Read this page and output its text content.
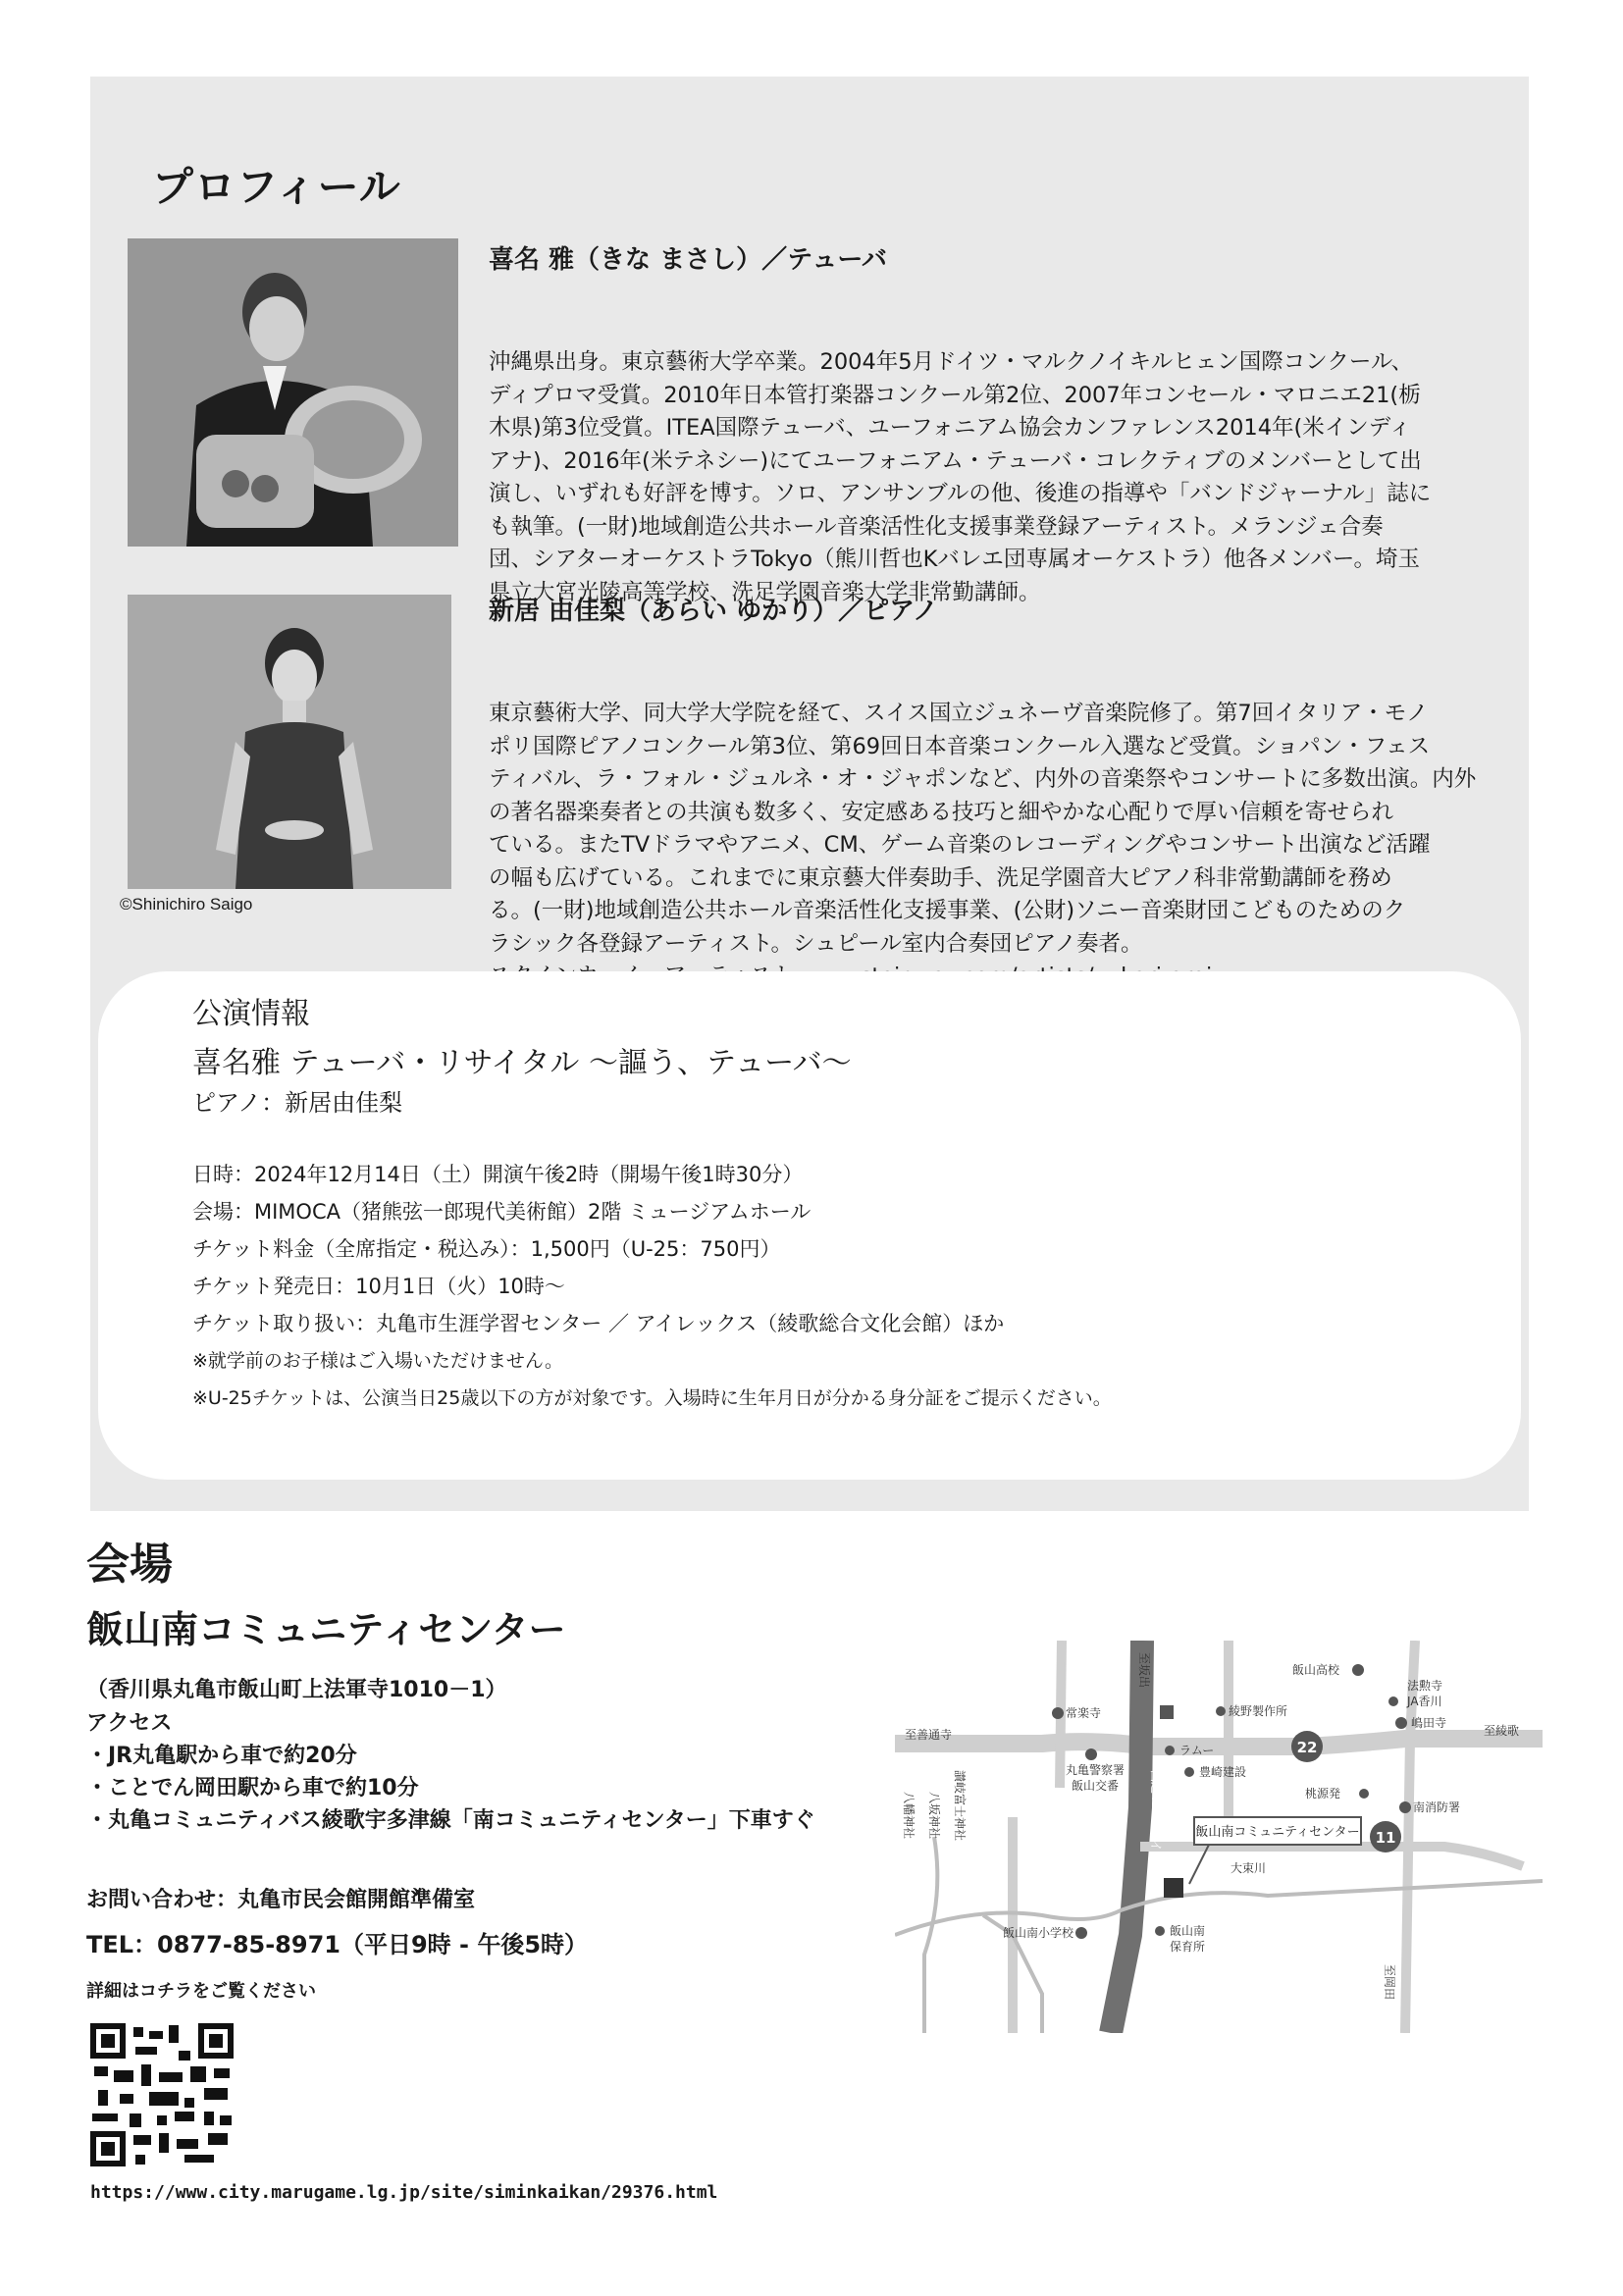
プロフィール
喜名 雅（きな まさし）／テューバ

沖縄県出身。東京藝術大学卒業。2004年5月ドイツ・マルクノイキルヒェン国際コンクール、
ディプロマ受賞。2010年日本管打楽器コンクール第2位、2007年コンセール・マロニエ21(栃
木県)第3位受賞。ITEA国際テューバ、ユーフォニアム協会カンファレンス2014年(米インディ
アナ)、2016年(米テネシー)にてユーフォニアム・テューバ・コレクティブのメンバーとして出
演し、いずれも好評を博す。ソロ、アンサンブルの他、後進の指導や「バンドジャーナル」誌に
も執筆。(一財)地域創造公共ホール音楽活性化支援事業登録アーティスト。メランジェ合奏
団、シアターオーケストラTokyo（熊川哲也Kバレエ団専属オーケストラ）他各メンバー。埼玉
県立大宮光陵高等学校、洗足学園音楽大学非常勤講師。

©Shinichiro Saigo
新居 由佳梨（あらい ゆかり）／ピアノ

東京藝術大学、同大学大学院を経て、スイス国立ジュネーヴ音楽院修了。第7回イタリア・モノ
ポリ国際ピアノコンクール第3位、第69回日本音楽コンクール入選など受賞。ショパン・フェス
ティバル、ラ・フォル・ジュルネ・オ・ジャポンなど、内外の音楽祭やコンサートに多数出演。内外
の著名器楽奏者との共演も数多く、安定感ある技巧と細やかな心配りで厚い信頼を寄せられ
ている。またTVドラマやアニメ、CM、ゲーム音楽のレコーディングやコンサート出演など活躍
の幅も広げている。これまでに東京藝大伴奏助手、洗足学園音大ピアノ科非常勤講師を務め
る。(一財)地域創造公共ホール音楽活性化支援事業、(公財)ソニー音楽財団こどものためのク
ラシック各登録アーティスト。シュピール室内合奏団ピアノ奏者。

公演情報
喜名雅 テューバ・リサイタル ～謳う、テューバ～
ピアノ：新居由佳梨
日時：2024年12月14日（土）開演午後2時（開場午後1時30分）
会場：MIMOCA（猪熊弦一郎現代美術館）2階 ミュージアムホール
チケット料金（全席指定・税込み）：1,500円（U-25：750円）
チケット発売日：10月1日（火）10時～
チケット取り扱い：丸亀市生涯学習センター ／ アイレックス（綾歌総合文化会館）ほか
※就学前のお子様はご入場いただけません。
※U-25チケットは、公演当日25歳以下の方が対象です。入場時に生年月日が分かる身分証をご提示ください。
会場
飯山南コミュニティセンター
（香川県丸亀市飯山町上法軍寺1010－1）
アクセス
・JR丸亀駅から車で約20分
・ことでん岡田駅から車で約10分
・丸亀コミュニティバス綾歌宇多津線「南コミュニティセンター」下車すぐ
お問い合わせ：丸亀市民会館開館準備室
TEL：0877-85-8971（平日9時 - 午後5時）
詳細はコチラをご覧ください
https://www.city.marugame.lg.jp/site/siminkaikan/29376.html
22
11
飯山南コミュニティセンター
至坂出	飯山高校
法勲寺
JA香川
常楽寺	綾野製作所
嶋田寺
至善通寺	至綾歌
丸亀警察署
飯山交番
ラムー
豊崎建設
桃源発
南消防署
讃岐富士神社
八坂神社
八幡神社	国道438号バイパス	大束川
飯山南小学校	飯山南
保育所
至岡田
